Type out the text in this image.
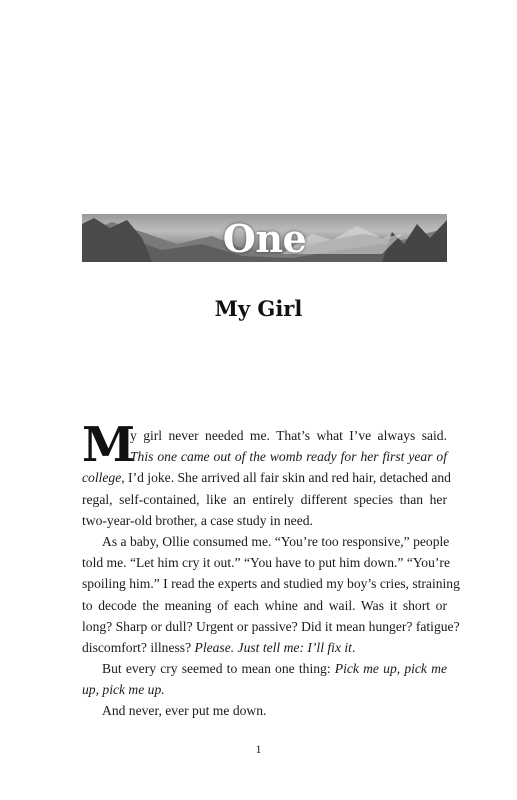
One
My Girl
M
y girl never needed me. That’s what I’ve always said.
This one came out of the womb ready for her first year of
college, I’d joke. She arrived all fair skin and red hair, detached and
regal, self-contained, like an entirely different species than her
two-year-old brother, a case study in need.
As a baby, Ollie consumed me. “You’re too responsive,” people
told me. “Let him cry it out.” “You have to put him down.” “You’re
spoiling him.” I read the experts and studied my boy’s cries, straining
to decode the meaning of each whine and wail. Was it short or
long? Sharp or dull? Urgent or passive? Did it mean hunger? fatigue?
discomfort? illness? Please. Just tell me: I’ll fix it.
But every cry seemed to mean one thing: Pick me up, pick me
up, pick me up.
And never, ever put me down.
1
